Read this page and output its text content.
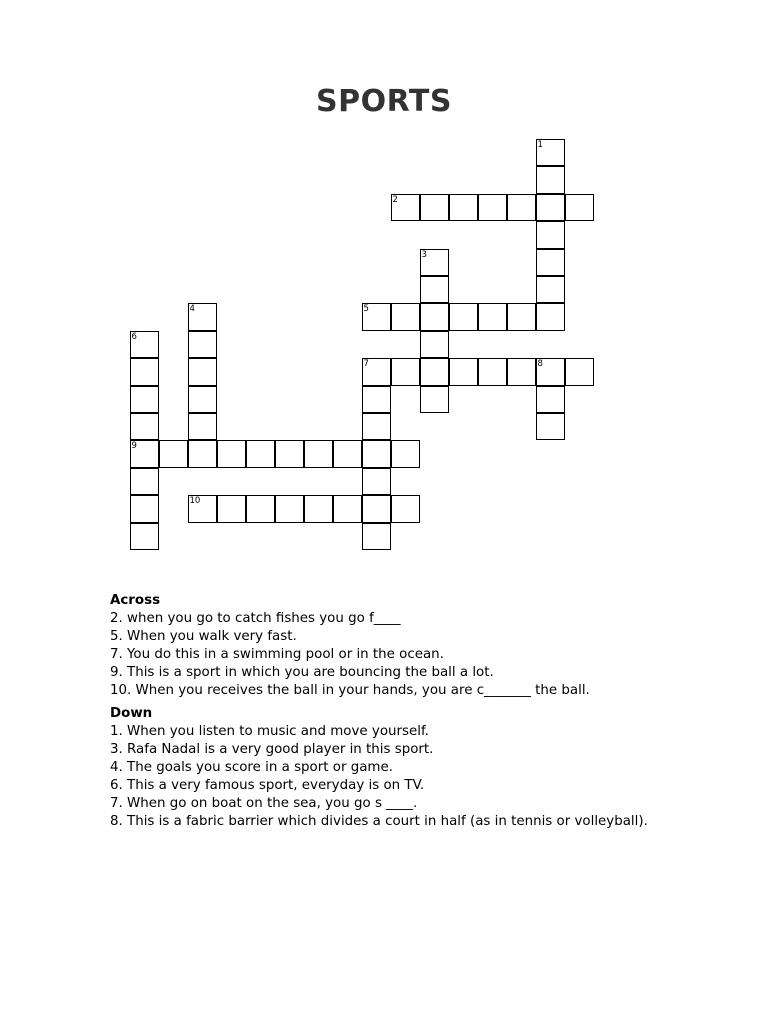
SPORTS
1
2
3
4	5
6
9
7	8
10
Across
2. when you go to catch fishes you go f____
5. When you walk very fast.
7. You do this in a swimming pool or in the ocean.
9. This is a sport in which you are bouncing the ball a lot.
10. When you receives the ball in your hands, you are c_______ the ball.
Down
1. When you listen to music and move yourself.
3. Rafa Nadal is a very good player in this sport.
4. The goals you score in a sport or game.
6. This a very famous sport, everyday is on TV.
7. When go on boat on the sea, you go s ____.
8. This is a fabric barrier which divides a court in half (as in tennis or volleyball).
